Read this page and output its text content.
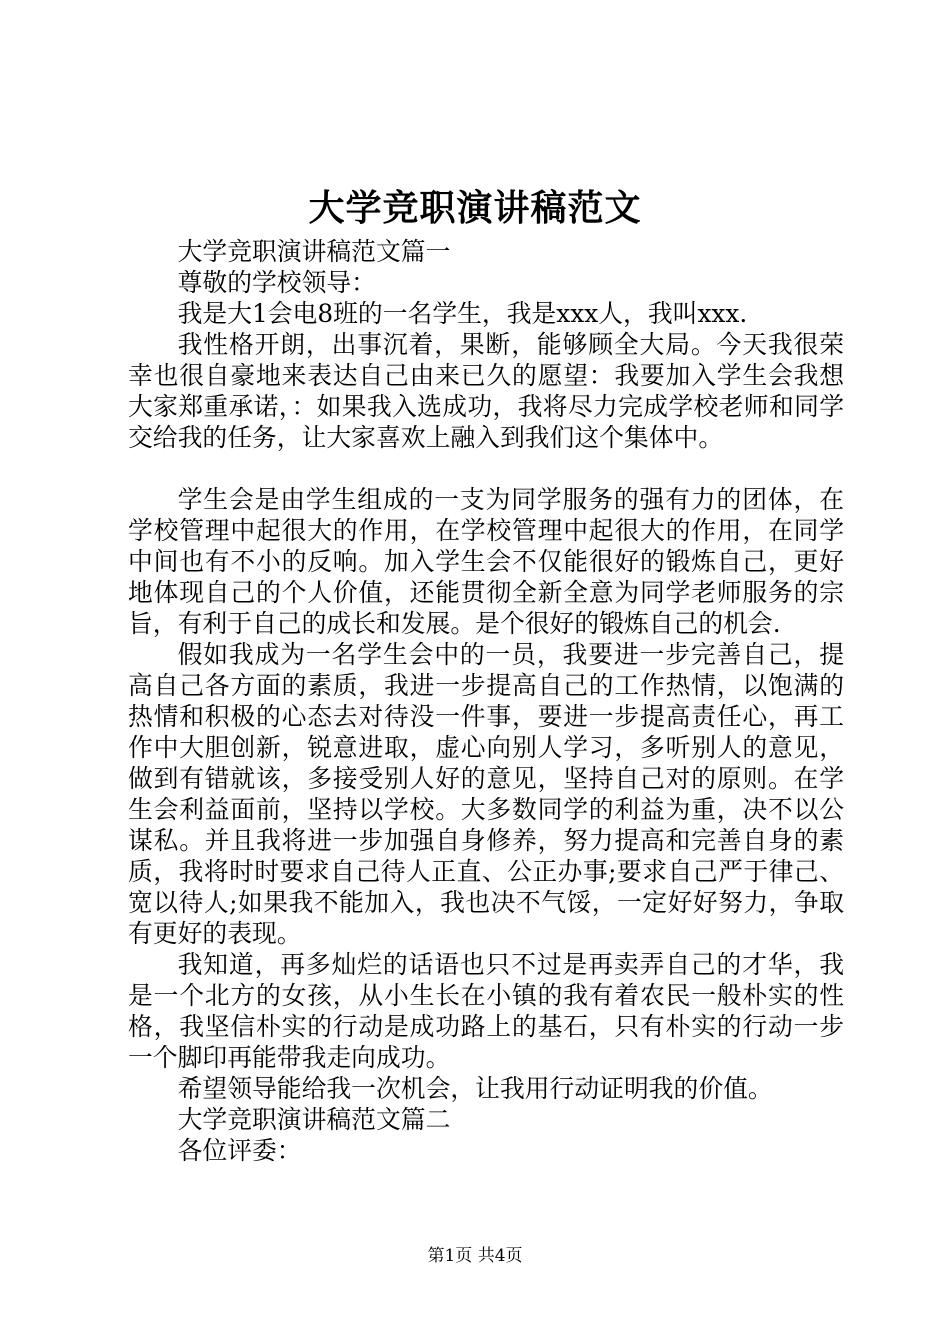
大学竞职演讲稿范文

大学竞职演讲稿范文篇一

尊敬的学校领导：

我是大1会电8班的一名学生，我是xxx人，我叫xxx.

我性格开朗，出事沉着，果断，能够顾全大局。今天我很荣幸也很自豪地来表达自己由来已久的愿望：我要加入学生会我想大家郑重承诺，：如果我入选成功，我将尽力完成学校老师和同学交给我的任务，让大家喜欢上融入到我们这个集体中。

学生会是由学生组成的一支为同学服务的强有力的团体，在学校管理中起很大的作用，在学校管理中起很大的作用，在同学中间也有不小的反响。加入学生会不仅能很好的锻炼自己，更好地体现自己的个人价值，还能贯彻全新全意为同学老师服务的宗旨，有利于自己的成长和发展。是个很好的锻炼自己的机会.

假如我成为一名学生会中的一员，我要进一步完善自己，提高自己各方面的素质，我进一步提高自己的工作热情，以饱满的热情和积极的心态去对待没一件事，要进一步提高责任心，再工作中大胆创新，锐意进取，虚心向别人学习，多听别人的意见，做到有错就该，多接受别人好的意见，坚持自己对的原则。在学生会利益面前，坚持以学校。大多数同学的利益为重，决不以公谋私。并且我将进一步加强自身修养，努力提高和完善自身的素质，我将时时要求自己待人正直、公正办事;要求自己严于律己、宽以待人;如果我不能加入，我也决不气馁，一定好好努力，争取有更好的表现。

我知道，再多灿烂的话语也只不过是再卖弄自己的才华，我是一个北方的女孩，从小生长在小镇的我有着农民一般朴实的性格，我坚信朴实的行动是成功路上的基石，只有朴实的行动一步一个脚印再能带我走向成功。

希望领导能给我一次机会，让我用行动证明我的价值。

大学竞职演讲稿范文篇二

各位评委：

第1页 共4页
